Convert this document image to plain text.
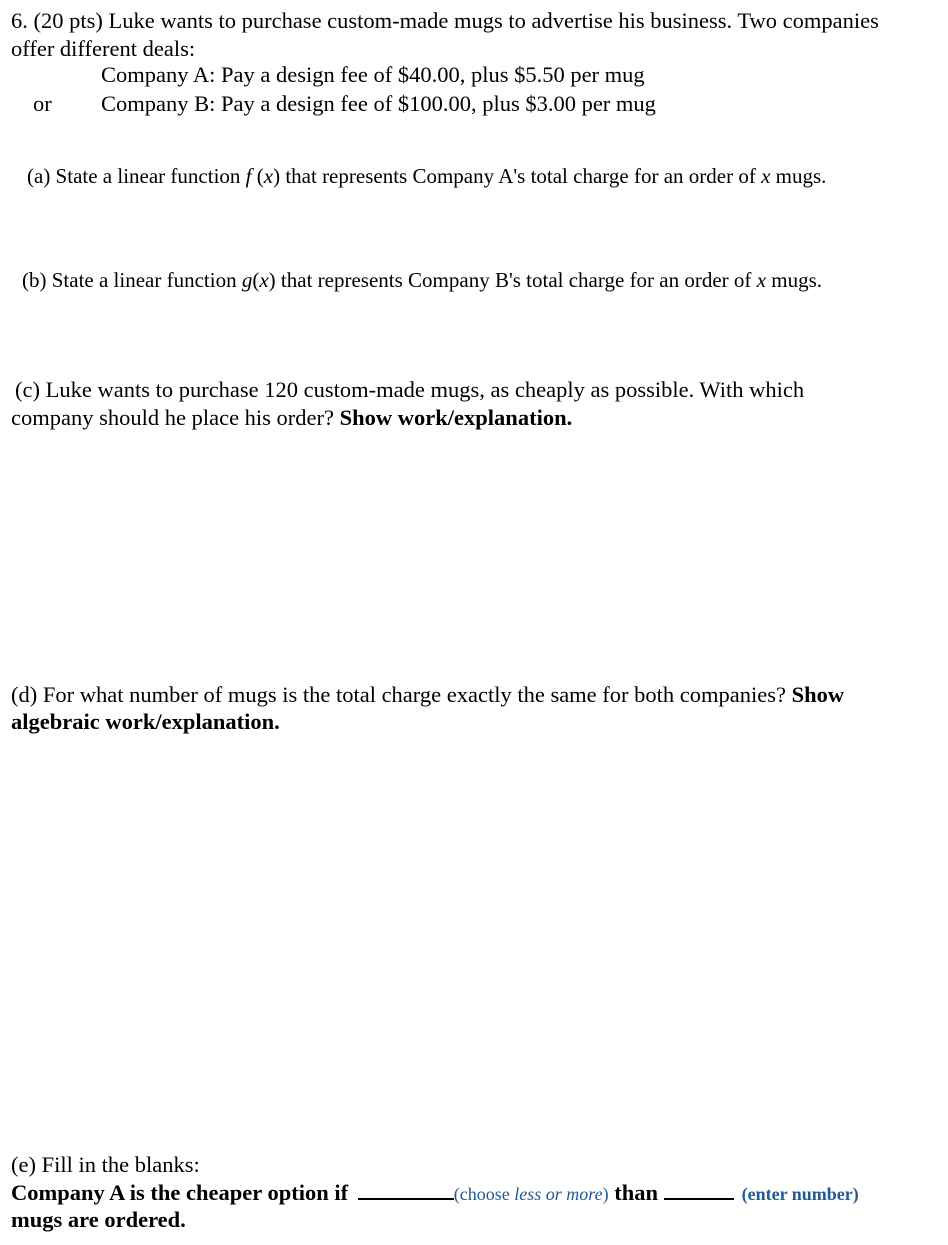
6. (20 pts) Luke wants to purchase custom-made mugs to advertise his business. Two companies
offer different deals:
Company A: Pay a design fee of $40.00, plus $5.50 per mug
or Company B: Pay a design fee of $100.00, plus $3.00 per mug
(a) State a linear function f (x) that represents Company A's total charge for an order of x mugs.
(b) State a linear function g(x) that represents Company B's total charge for an order of x mugs.
(c) Luke wants to purchase 120 custom-made mugs, as cheaply as possible. With which
company should he place his order? Show work/explanation.
(d) For what number of mugs is the total charge exactly the same for both companies? Show
algebraic work/explanation.
(e) Fill in the blanks:
Company A is the cheaper option if	(choose less or more) than	(enter number)
mugs are ordered.
